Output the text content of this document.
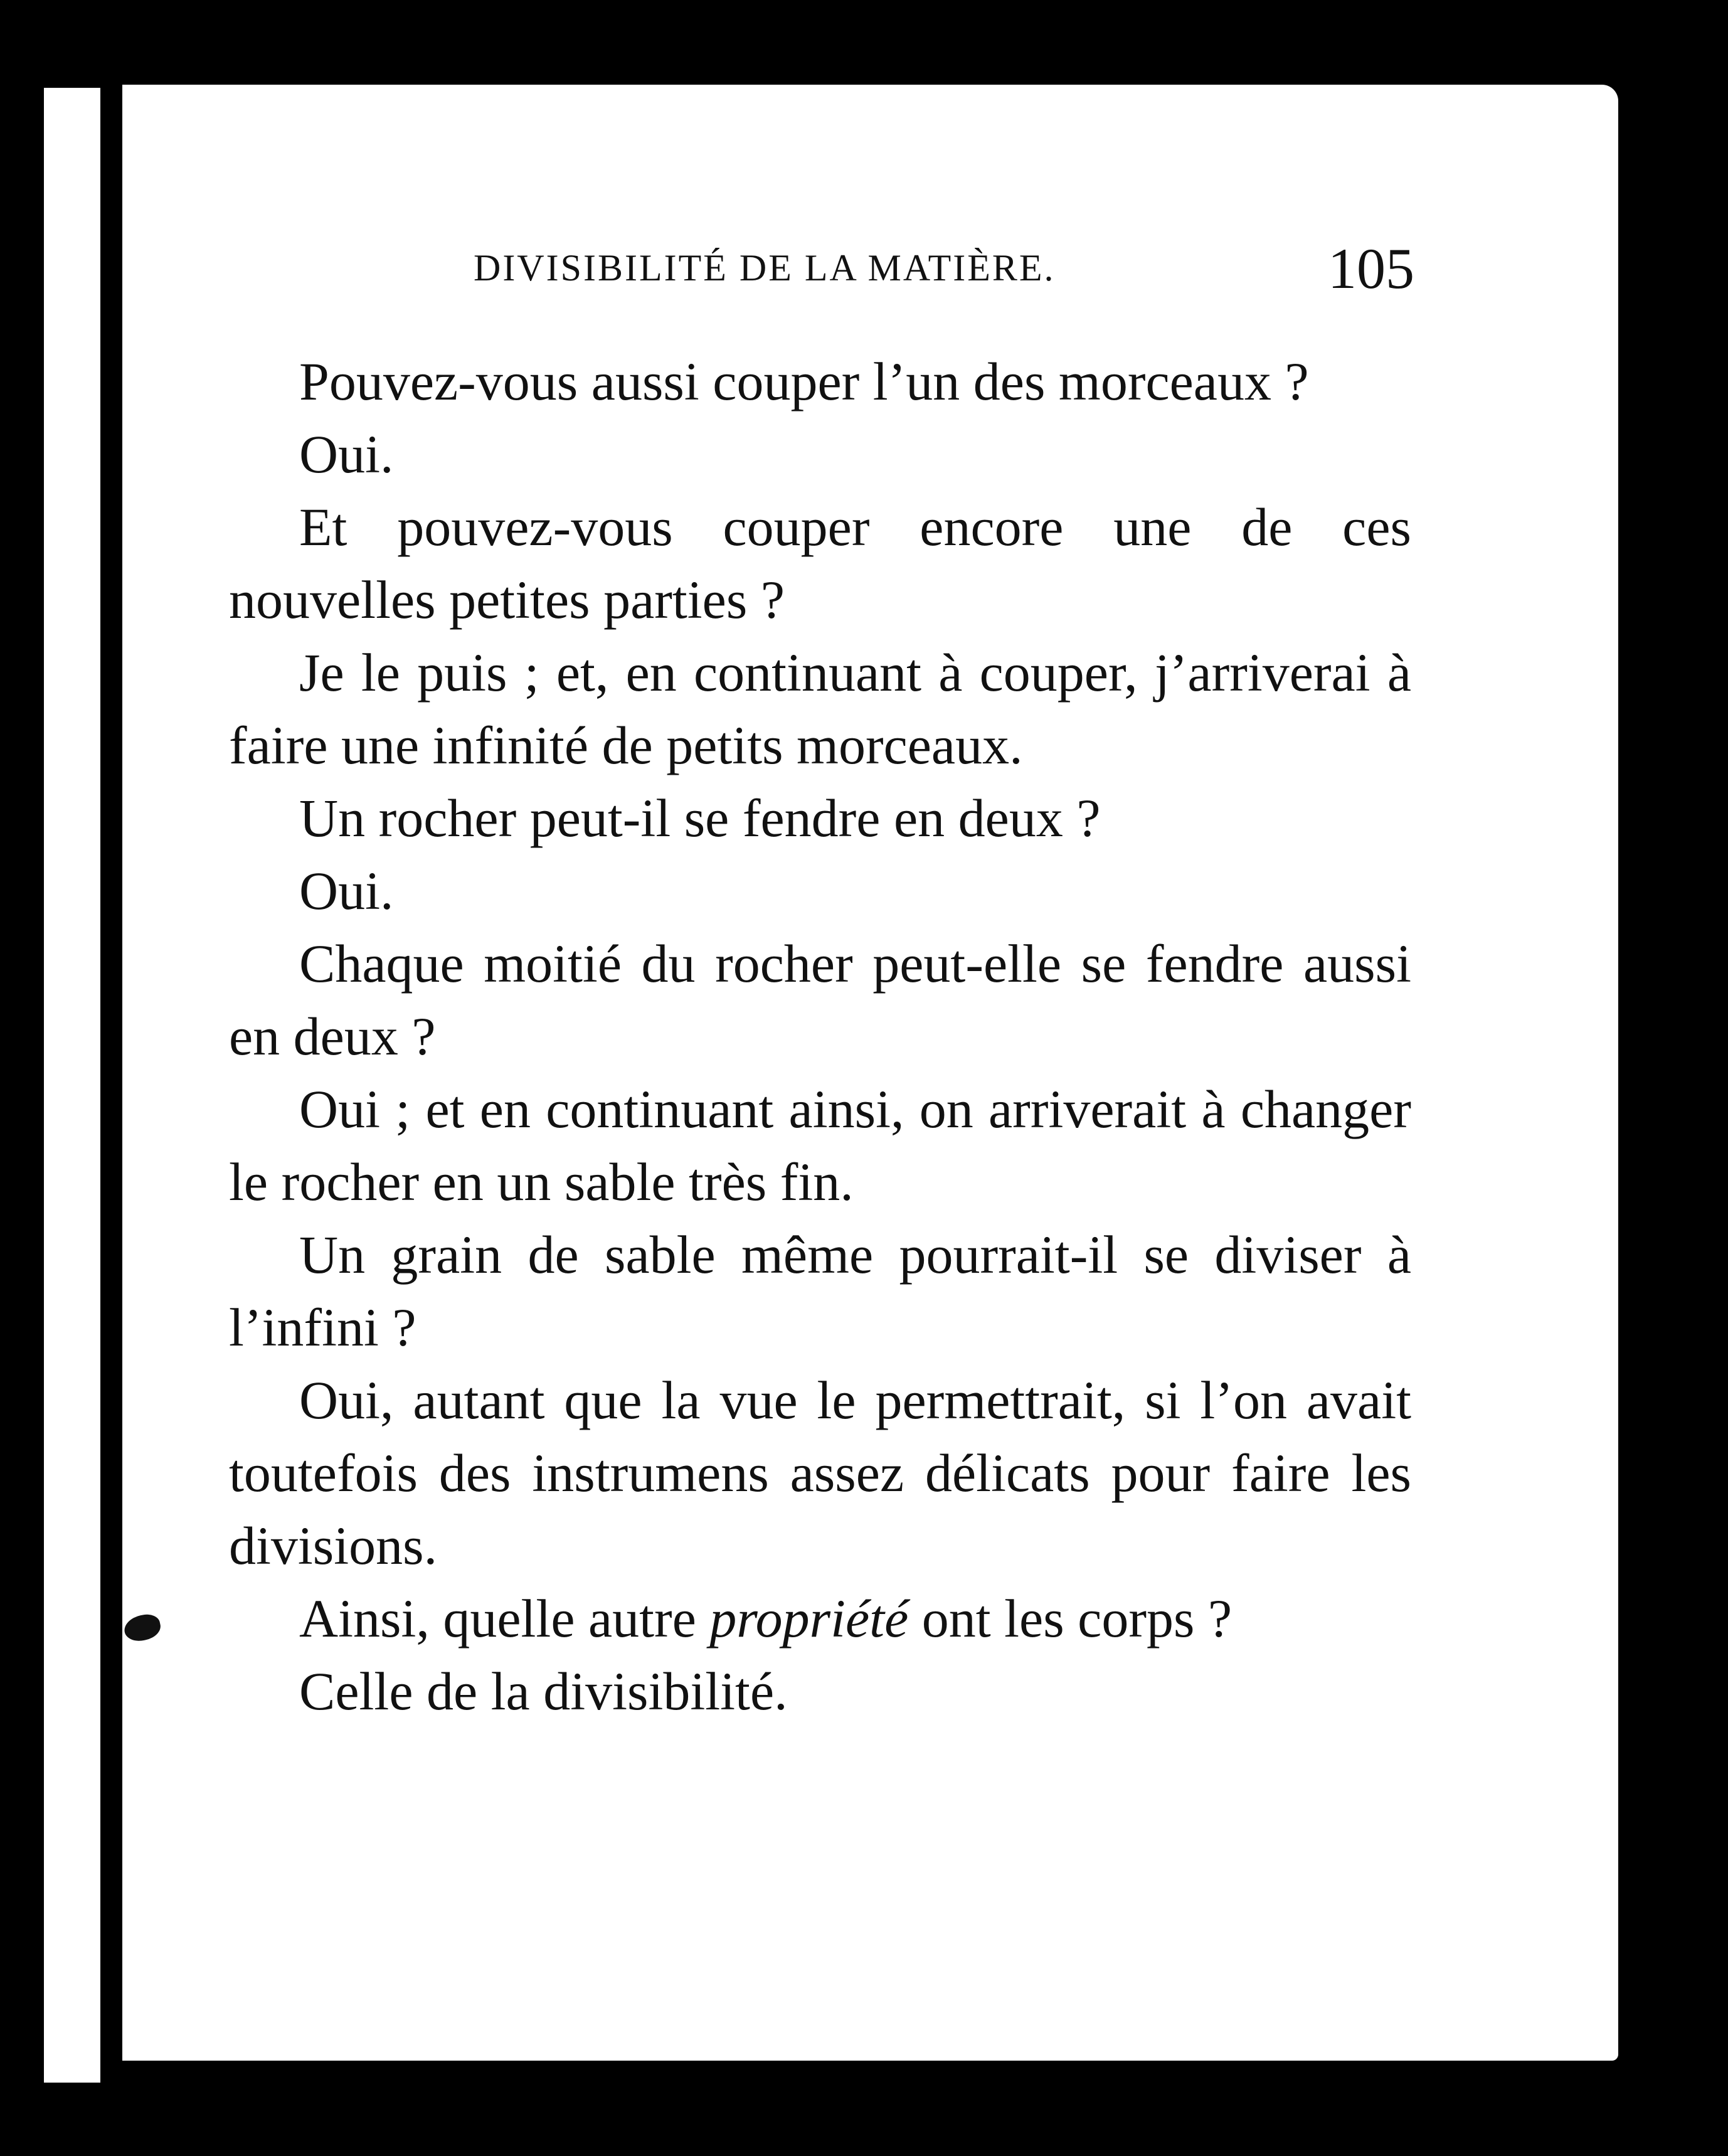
DIVISIBILITÉ DE LA MATIÈRE.	105

Pouvez-vous aussi couper l’un des morceaux ?

Oui.

Et pouvez-vous couper encore une de ces nouvelles petites parties ?

Je le puis ; et, en continuant à couper, j’arriverai à faire une infinité de petits morceaux.

Un rocher peut-il se fendre en deux ?

Oui.

Chaque moitié du rocher peut-elle se fendre aussi en deux ?

Oui ; et en continuant ainsi, on arriverait à changer le rocher en un sable très fin.

Un grain de sable même pourrait-il se diviser à l’infini ?

Oui, autant que la vue le permettrait, si l’on avait toutefois des instrumens assez délicats pour faire les divisions.

Ainsi, quelle autre propriété ont les corps ?

Celle de la divisibilité.
